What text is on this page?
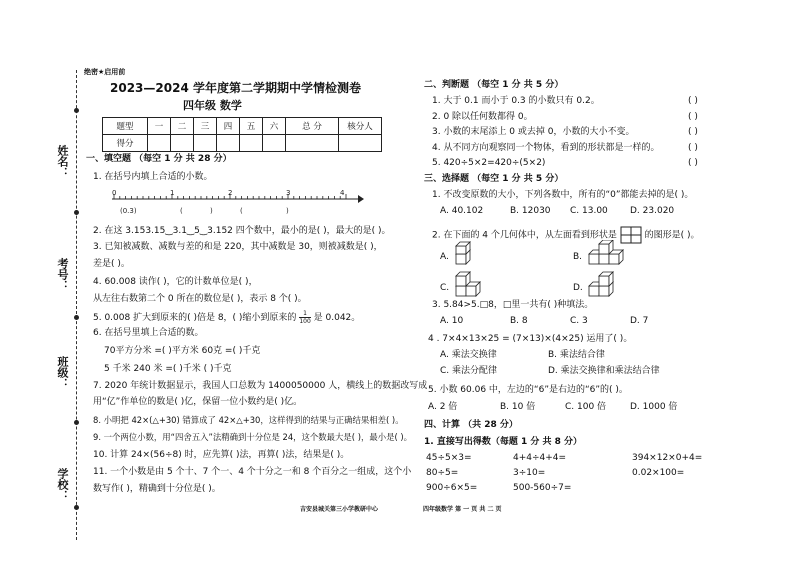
绝密★启用前
姓名：
考号：
班级：
学校：
2023—2024 学年度第二学期期中学情检测卷
四年级 数学
题型	一	二	三	四	五	六	总 分	核分人
得分								
一、填空题 （每空 1 分 共 28 分）
1. 在括号内填上合适的小数。
(0.3)
0	1	2	3	4
(	)	(	)
2. 在这 3.153.15‿3.1‿5‿3.152 四个数中，最小的是( )，最大的是( )。
3. 已知被减数、减数与差的和是 220，其中减数是 30，则被减数是( )，
差是( )。
4. 60.008 读作( )，它的计数单位是( )，
从左往右数第二个 0 所在的数位是( )，表示 8 个( )。
5. 0.008 扩大到原来的( )倍是 8，( )缩小到原来的 $\frac{1}{100}$ 是 0.042。
6. 在括号里填上合适的数。
70平方分米 =( )平方米 60克 =( )千克
5 千米 240 米 =( )千米 ( )千克
7. 2020 年统计数据显示，我国人口总数为 1400050000 人，横线上的数据改写成
用“亿”作单位的数是( )亿，保留一位小数约是( )亿。
8. 小明把 42×(△+30) 错算成了 42×△+30，这样得到的结果与正确结果相差( )。
9. 一个两位小数，用“四舍五入”法精确到十分位是 24，这个数最大是( )，最小是( )。
10. 计算 24×(56÷8) 时，应先算( )法，再算( )法，结果是( )。
11. 一个小数是由 5 个十、7 个一、4 个十分之一和 8 个百分之一组成，这个小
数写作( )，精确到十分位是( )。
二、判断题 （每空 1 分 共 5 分）
1. 大于 0.1 而小于 0.3 的小数只有 0.2。
2. 0 除以任何数都得 0。
3. 小数的末尾添上 0 或去掉 0，小数的大小不变。
4. 从不同方向观察同一个物体，看到的形状都是一样的。
5. 420÷5×2=420÷(5×2)
( )
( )
( )
( )
( )
三、选择题 （每空 1 分 共 5 分）
1. 不改变原数的大小，下列各数中，所有的“0”都能去掉的是( )。
A. 40.102	B. 12030 C. 13.00 D. 23.020
2. 在下面的 4 个几何体中，从左面看到形状是	的图形是( )。
A.	B.
C.	D.
3. 5.84>5.□8，□里一共有( )种填法。
A. 10	B. 8	C. 3	D. 7
4 . 7×4×13×25 = (7×13)×(4×25) 运用了( )。
A. 乘法交换律	B. 乘法结合律
C. 乘法分配律	D. 乘法交换律和乘法结合律
5. 小数 60.06 中，左边的“6”是右边的“6”的( )。
A. 2 倍	B. 10 倍	C. 100 倍	D. 1000 倍
四、计算 （共 28 分）
1. 直接写出得数（每题 1 分 共 8 分）
45÷5×3=	4+4÷4+4=	394×12×0+4=
80÷5=	3÷10=	0.02×100=
900÷6×5=	500-560÷7=
吉安县城关第三小学教研中心	四年级数学 第 一 页 共 二 页
